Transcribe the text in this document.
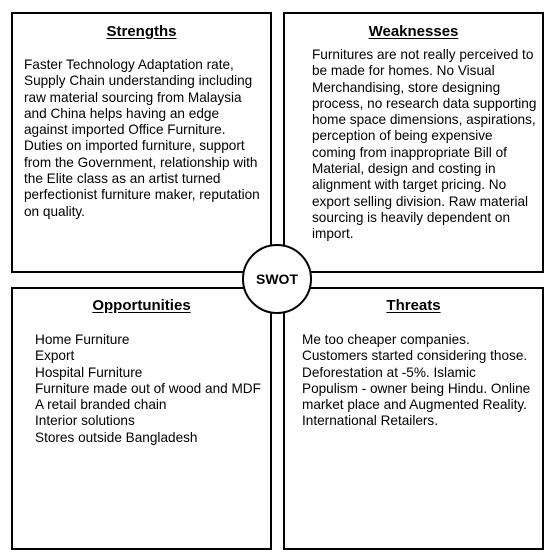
Strengths
Faster Technology Adaptation rate, Supply Chain understanding including raw material sourcing from Malaysia and China helps having an edge against imported Office Furniture. Duties on imported furniture, support from the Government, relationship with the Elite class as an artist turned perfectionist furniture maker, reputation on quality.
Weaknesses
Furnitures are not really perceived to be made for homes. No Visual Merchandising, store designing process, no research data supporting home space dimensions, aspirations, perception of being expensive coming from inappropriate Bill of Material, design and costing in alignment with target pricing. No export selling division. Raw material sourcing is heavily dependent on import.
Opportunities
Home Furniture
Export
Hospital Furniture
Furniture made out of wood and MDF
A retail branded chain
Interior solutions
Stores outside Bangladesh
Threats
Me too cheaper companies. Customers started considering those. Deforestation at -5%. Islamic Populism - owner being Hindu. Online market place and Augmented Reality. International Retailers.
SWOT
